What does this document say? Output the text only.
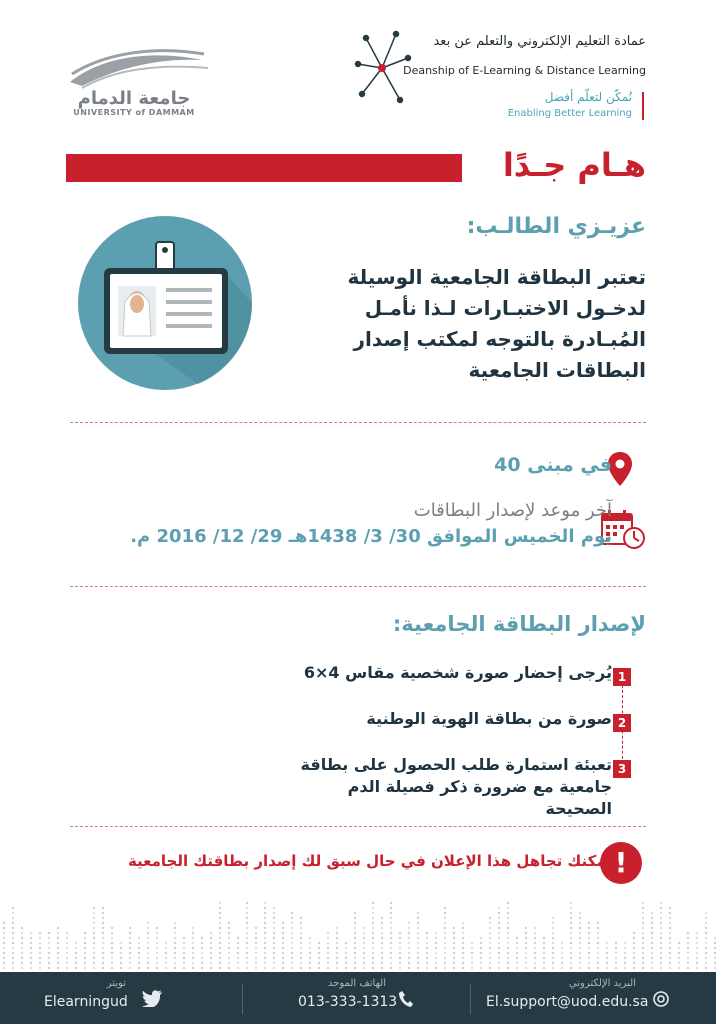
جامعة الدمام
UNIVERSITY of DAMMAM
عمادة التعليم الإلكتروني والتعلم عن بعد
Deanship of E-Learning & Distance Learning
نُمكّن لتعلّم أفضل
Enabling Better Learning
هـام جـدًا
عزيـزي الطالـب:
تعتبر البطاقة الجامعية الوسيلة لدخـول الاختبـارات لـذا نأمـل المُبـادرة بالتوجه لمكتب إصدار البطاقات الجامعية
في مبنى 40
آخر موعد لإصدار البطاقات
يوم الخميس الموافق 30/ 3/ 1438هـ 29/ 12/ 2016 م.
لإصدار البطاقة الجامعية:
1
يُرجى إحضار صورة شخصية مقاس 4×6
2
صورة من بطاقة الهوية الوطنية
3
تعبئة استمارة طلب الحصول على بطاقة جامعية مع ضرورة ذكر فصيلة الدم الصحيحة
!
يمكنك تجاهل هذا الإعلان في حال سبق لك إصدار بطاقتك الجامعية
البريد الإلكتروني
El.support@uod.edu.sa
الهاتف الموحد
013-333-1313
تويتر
Elearningud
